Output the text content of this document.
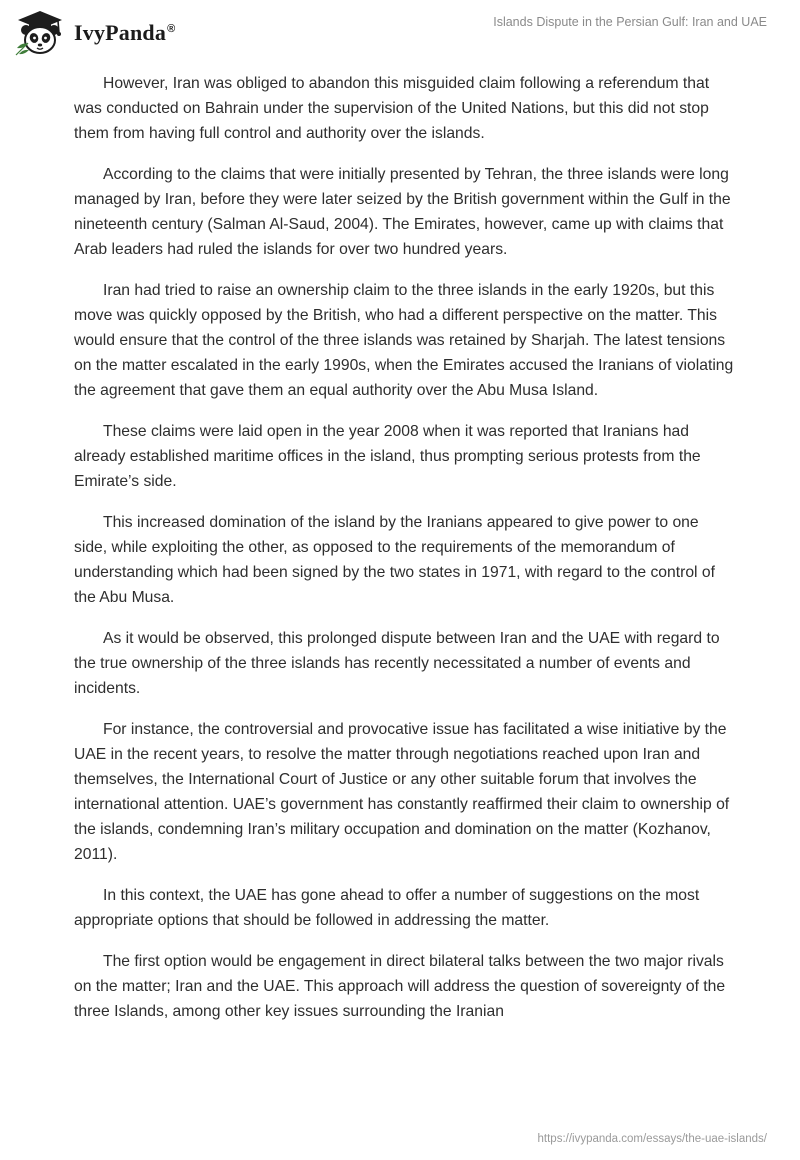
IvyPanda®	Islands Dispute in the Persian Gulf: Iran and UAE

However, Iran was obliged to abandon this misguided claim following a referendum that was conducted on Bahrain under the supervision of the United Nations, but this did not stop them from having full control and authority over the islands.

According to the claims that were initially presented by Tehran, the three islands were long managed by Iran, before they were later seized by the British government within the Gulf in the nineteenth century (Salman Al-Saud, 2004). The Emirates, however, came up with claims that Arab leaders had ruled the islands for over two hundred years.

Iran had tried to raise an ownership claim to the three islands in the early 1920s, but this move was quickly opposed by the British, who had a different perspective on the matter. This would ensure that the control of the three islands was retained by Sharjah. The latest tensions on the matter escalated in the early 1990s, when the Emirates accused the Iranians of violating the agreement that gave them an equal authority over the Abu Musa Island.

These claims were laid open in the year 2008 when it was reported that Iranians had already established maritime offices in the island, thus prompting serious protests from the Emirate’s side.

This increased domination of the island by the Iranians appeared to give power to one side, while exploiting the other, as opposed to the requirements of the memorandum of understanding which had been signed by the two states in 1971, with regard to the control of the Abu Musa.

As it would be observed, this prolonged dispute between Iran and the UAE with regard to the true ownership of the three islands has recently necessitated a number of events and incidents.

For instance, the controversial and provocative issue has facilitated a wise initiative by the UAE in the recent years, to resolve the matter through negotiations reached upon Iran and themselves, the International Court of Justice or any other suitable forum that involves the international attention. UAE’s government has constantly reaffirmed their claim to ownership of the islands, condemning Iran’s military occupation and domination on the matter (Kozhanov, 2011).

In this context, the UAE has gone ahead to offer a number of suggestions on the most appropriate options that should be followed in addressing the matter.

The first option would be engagement in direct bilateral talks between the two major rivals on the matter; Iran and the UAE. This approach will address the question of sovereignty of the three Islands, among other key issues surrounding the Iranian

https://ivypanda.com/essays/the-uae-islands/
